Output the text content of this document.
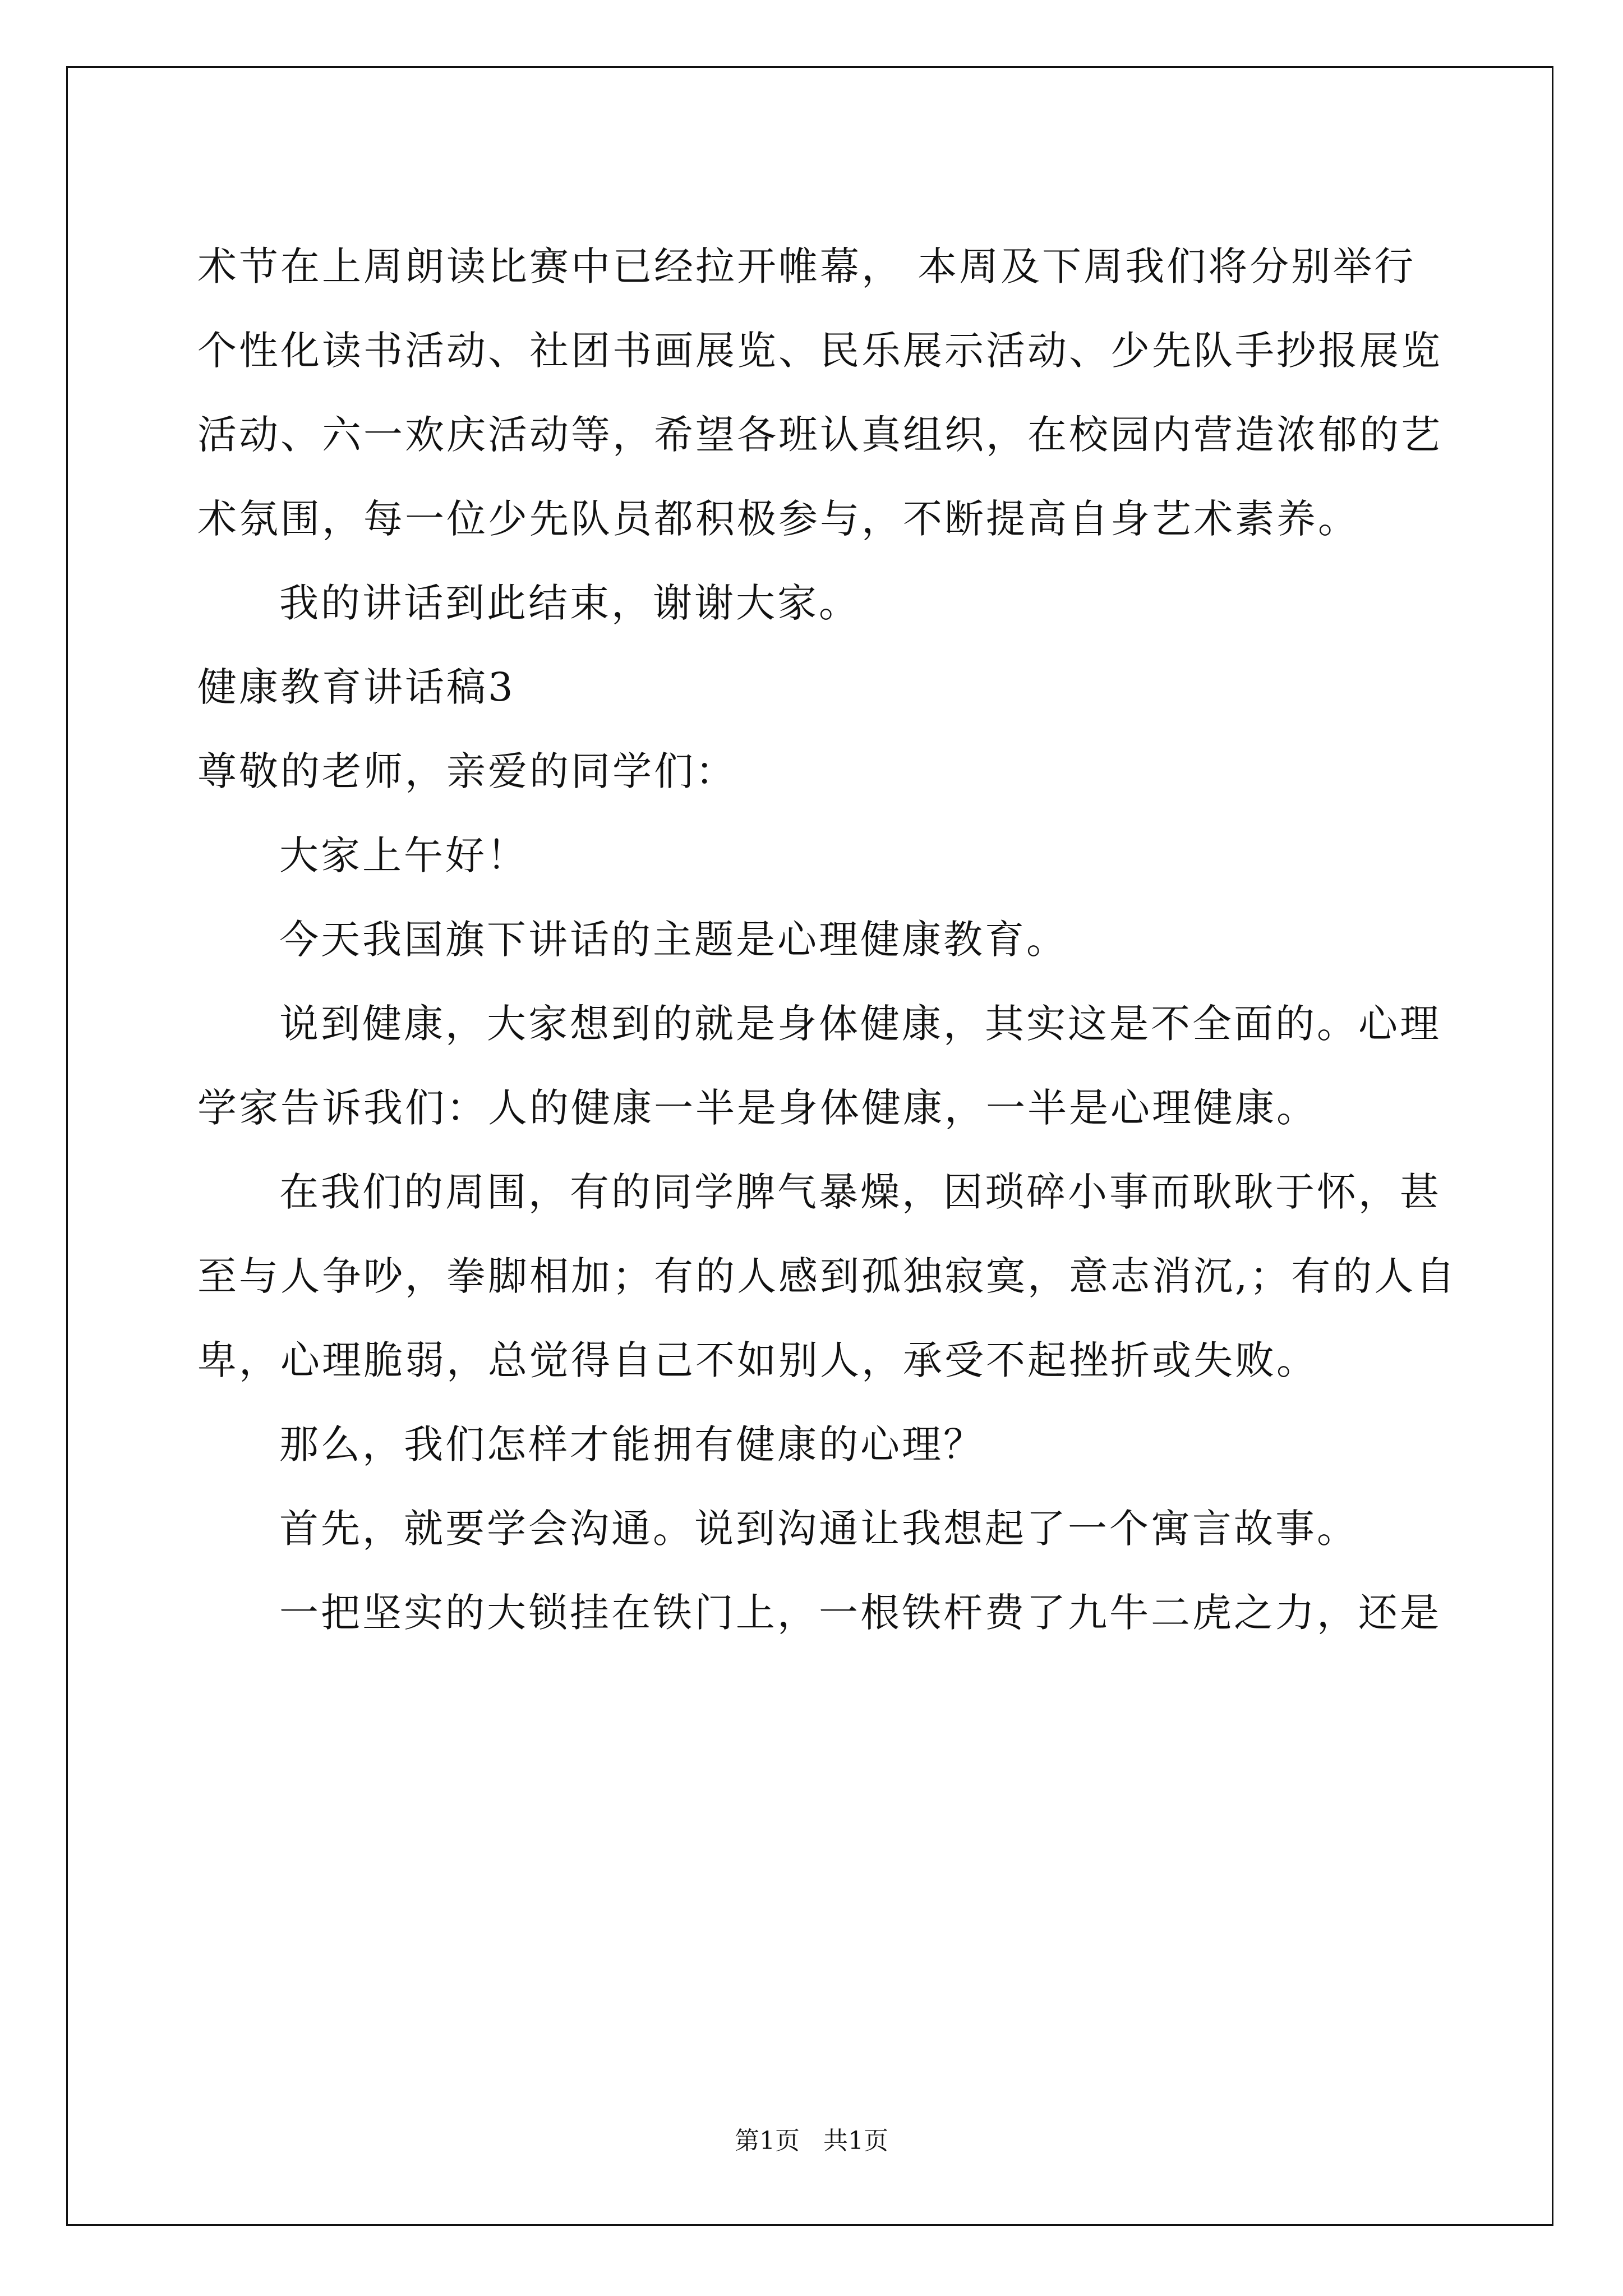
术节在上周朗读比赛中已经拉开帷幕， 本周及下周我们将分别举行
个性化读书活动、社团书画展览、民乐展示活动、少先队手抄报展览
活动、六一欢庆活动等，希望各班认真组织，在校园内营造浓郁的艺
术氛围，每一位少先队员都积极参与，不断提高自身艺术素养。
我的讲话到此结束，谢谢大家。
健康教育讲话稿3
尊敬的老师，亲爱的同学们：
大家上午好！
今天我国旗下讲话的主题是心理健康教育。
说到健康，大家想到的就是身体健康，其实这是不全面的。心理
学家告诉我们：人的健康一半是身体健康，一半是心理健康。
在我们的周围，有的同学脾气暴燥，因琐碎小事而耿耿于怀，甚
至与人争吵，拳脚相加；有的人感到孤独寂寞，意志消沉,；有的人自
卑，心理脆弱，总觉得自己不如别人，承受不起挫折或失败。
那么，我们怎样才能拥有健康的心理？
首先，就要学会沟通。说到沟通让我想起了一个寓言故事。
一把坚实的大锁挂在铁门上，一根铁杆费了九牛二虎之力，还是
第1页   共1页
